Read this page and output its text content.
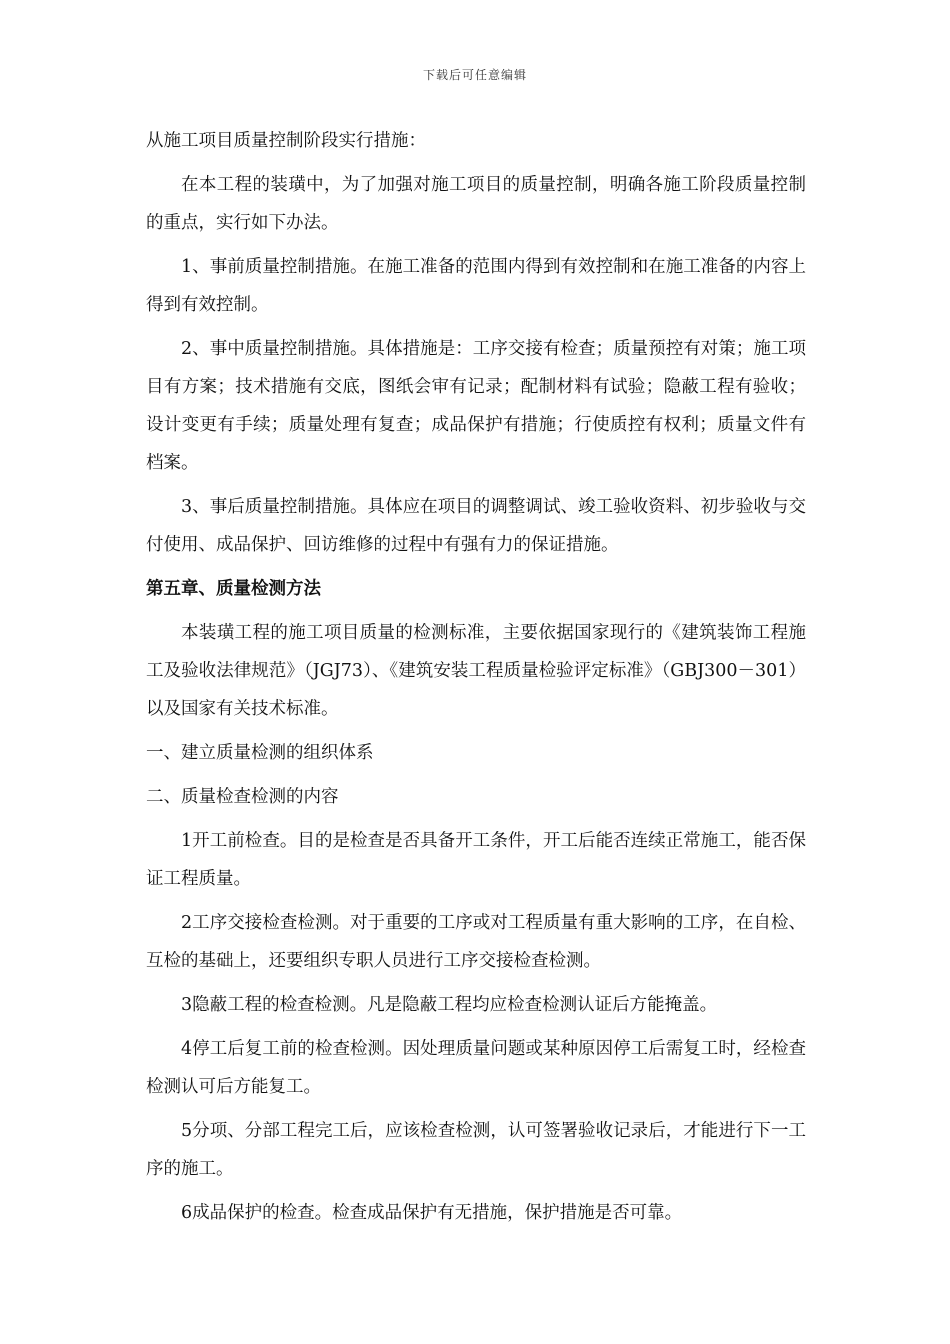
下载后可任意编辑

从施工项目质量控制阶段实行措施：

在本工程的装璜中，为了加强对施工项目的质量控制，明确各施工阶段质量控制的重点，实行如下办法。

1、事前质量控制措施。在施工准备的范围内得到有效控制和在施工准备的内容上得到有效控制。

2、事中质量控制措施。具体措施是：工序交接有检查；质量预控有对策；施工项目有方案；技术措施有交底，图纸会审有记录；配制材料有试验；隐蔽工程有验收；设计变更有手续；质量处理有复查；成品保护有措施；行使质控有权利；质量文件有档案。

3、事后质量控制措施。具体应在项目的调整调试、竣工验收资料、初步验收与交付使用、成品保护、回访维修的过程中有强有力的保证措施。

第五章、质量检测方法

本装璜工程的施工项目质量的检测标准，主要依据国家现行的《建筑装饰工程施工及验收法律规范》（JGJ73）、《建筑安装工程质量检验评定标准》（GBJ300－301）以及国家有关技术标准。

一、建立质量检测的组织体系

二、质量检查检测的内容

1开工前检查。目的是检查是否具备开工条件，开工后能否连续正常施工，能否保证工程质量。

2工序交接检查检测。对于重要的工序或对工程质量有重大影响的工序，在自检、互检的基础上，还要组织专职人员进行工序交接检查检测。

3隐蔽工程的检查检测。凡是隐蔽工程均应检查检测认证后方能掩盖。

4停工后复工前的检查检测。因处理质量问题或某种原因停工后需复工时，经检查检测认可后方能复工。

5分项、分部工程完工后，应该检查检测，认可签署验收记录后，才能进行下一工序的施工。

6成品保护的检查。检查成品保护有无措施，保护措施是否可靠。
